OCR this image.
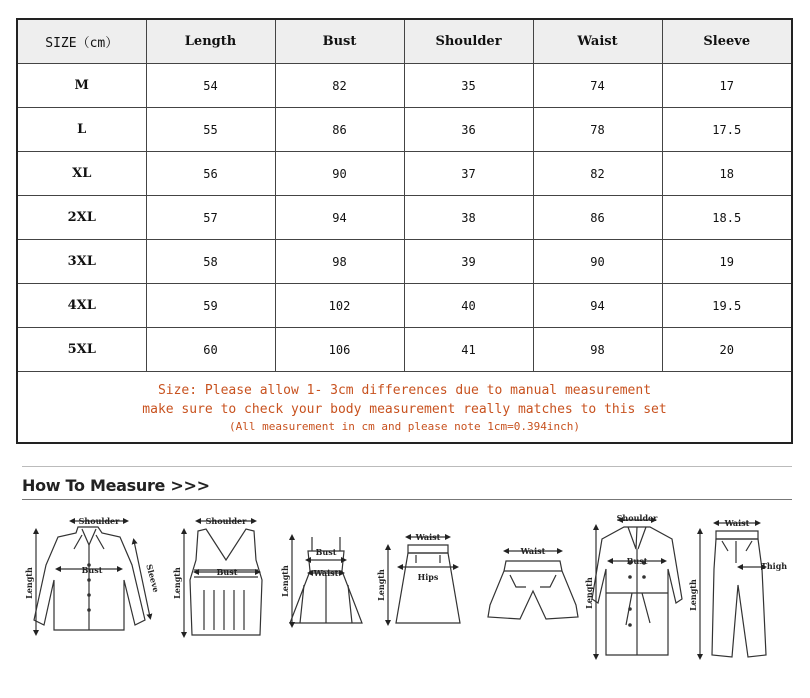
SIZE（cm）	Length	Bust	Shoulder	Waist	Sleeve
M	54	82	35	74	17
L	55	86	36	78	17.5
XL	56	90	37	82	18
2XL	57	94	38	86	18.5
3XL	58	98	39	90	19
4XL	59	102	40	94	19.5
5XL	60	106	41	98	20

Size: Please allow 1- 3cm differences due to manual measurement
make sure to check your body measurement really matches to this set
(All measurement in cm and please note 1cm=0.394inch)					
How To Measure >>>
Shoulder
Bust	Sleeve
Length
Shoulder
Bust
Length
Bust
Waist
Length
Waist
Hips
Length
Waist
Shoulder
Bust
Length
Waist
Thigh
Length
